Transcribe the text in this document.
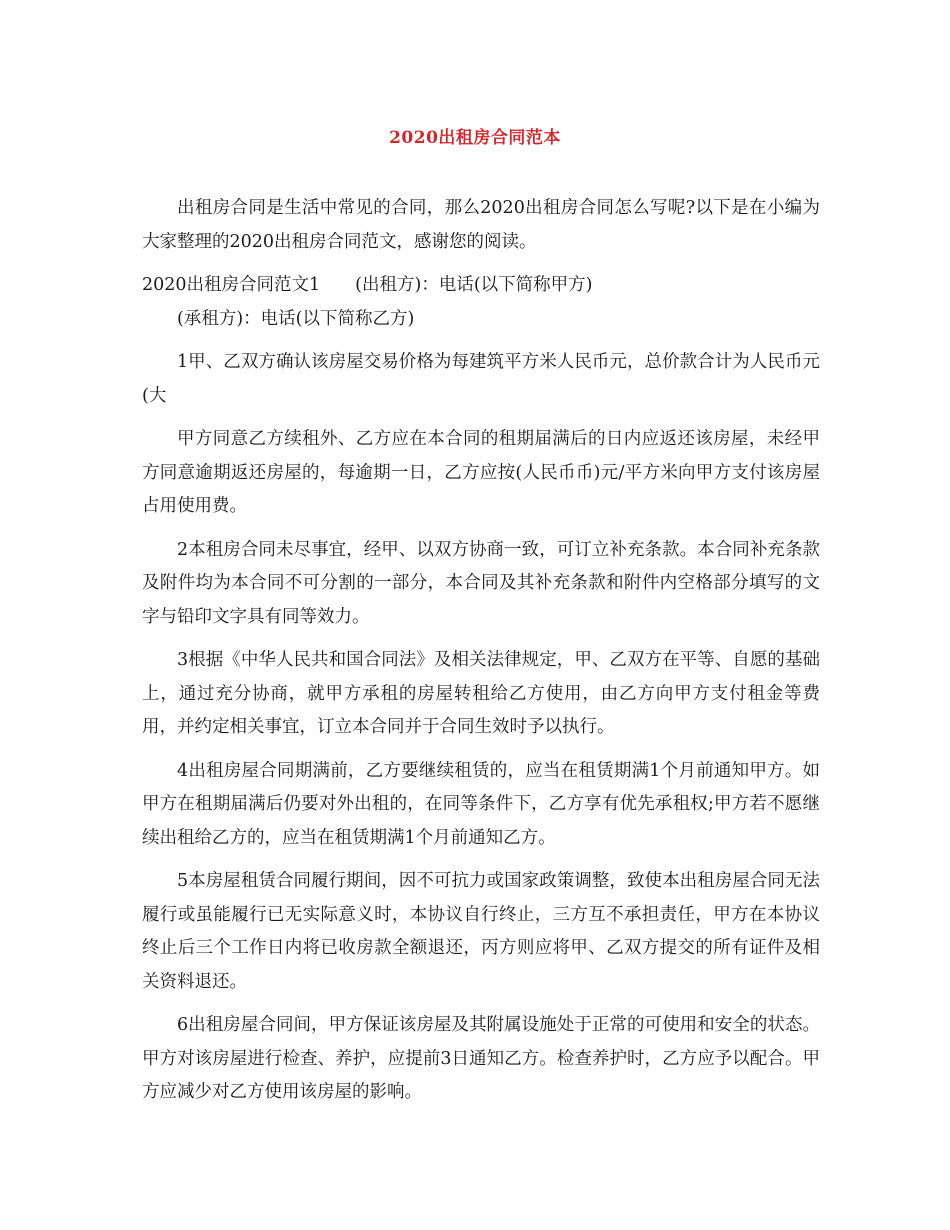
2020出租房合同范本

出租房合同是生活中常见的合同，那么2020出租房合同怎么写呢?以下是在小编为大家整理的2020出租房合同范文，感谢您的阅读。

2020出租房合同范文1　　(出租方)：电话(以下简称甲方)

(承租方)：电话(以下简称乙方)

1甲、乙双方确认该房屋交易价格为每建筑平方米人民币元，总价款合计为人民币元(大

甲方同意乙方续租外、乙方应在本合同的租期届满后的日内应返还该房屋，未经甲方同意逾期返还房屋的，每逾期一日，乙方应按(人民币币)元/平方米向甲方支付该房屋占用使用费。

2本租房合同未尽事宜，经甲、以双方协商一致，可订立补充条款。本合同补充条款及附件均为本合同不可分割的一部分，本合同及其补充条款和附件内空格部分填写的文字与铅印文字具有同等效力。

3根据《中华人民共和国合同法》及相关法律规定，甲、乙双方在平等、自愿的基础上，通过充分协商，就甲方承租的房屋转租给乙方使用，由乙方向甲方支付租金等费用，并约定相关事宜，订立本合同并于合同生效时予以执行。

4出租房屋合同期满前，乙方要继续租赁的，应当在租赁期满1个月前通知甲方。如甲方在租期届满后仍要对外出租的，在同等条件下，乙方享有优先承租权;甲方若不愿继续出租给乙方的，应当在租赁期满1个月前通知乙方。

5本房屋租赁合同履行期间，因不可抗力或国家政策调整，致使本出租房屋合同无法履行或虽能履行已无实际意义时，本协议自行终止，三方互不承担责任，甲方在本协议终止后三个工作日内将已收房款全额退还，丙方则应将甲、乙双方提交的所有证件及相关资料退还。

6出租房屋合同间，甲方保证该房屋及其附属设施处于正常的可使用和安全的状态。甲方对该房屋进行检查、养护，应提前3日通知乙方。检查养护时，乙方应予以配合。甲方应减少对乙方使用该房屋的影响。
